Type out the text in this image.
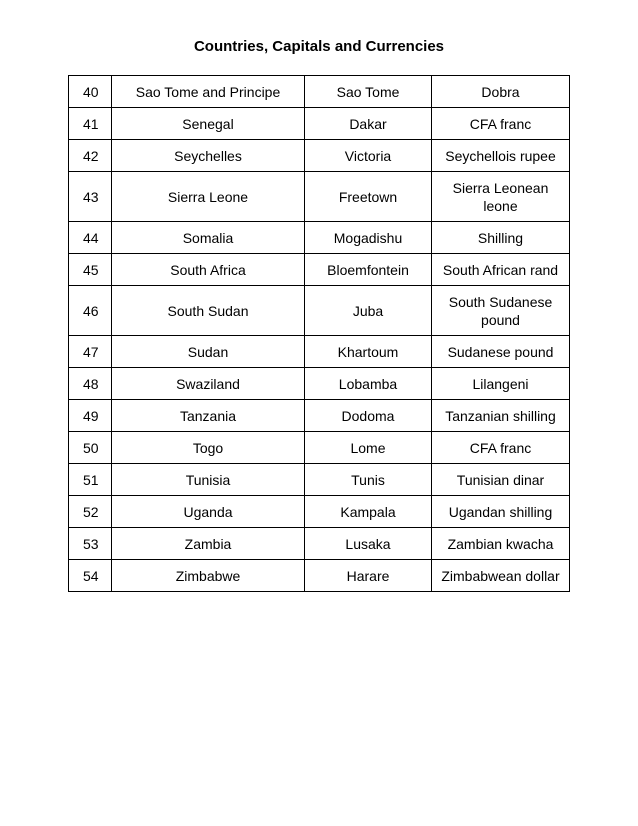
Countries, Capitals and Currencies
40	Sao Tome and Principe	Sao Tome	Dobra
41	Senegal	Dakar	CFA franc
42	Seychelles	Victoria	Seychellois rupee
43	Sierra Leone	Freetown	Sierra Leonean leone
44	Somalia	Mogadishu	Shilling
45	South Africa	Bloemfontein	South African rand
46	South Sudan	Juba	South Sudanese pound
47	Sudan	Khartoum	Sudanese pound
48	Swaziland	Lobamba	Lilangeni
49	Tanzania	Dodoma	Tanzanian shilling
50	Togo	Lome	CFA franc
51	Tunisia	Tunis	Tunisian dinar
52	Uganda	Kampala	Ugandan shilling
53	Zambia	Lusaka	Zambian kwacha
54	Zimbabwe	Harare	Zimbabwean dollar
